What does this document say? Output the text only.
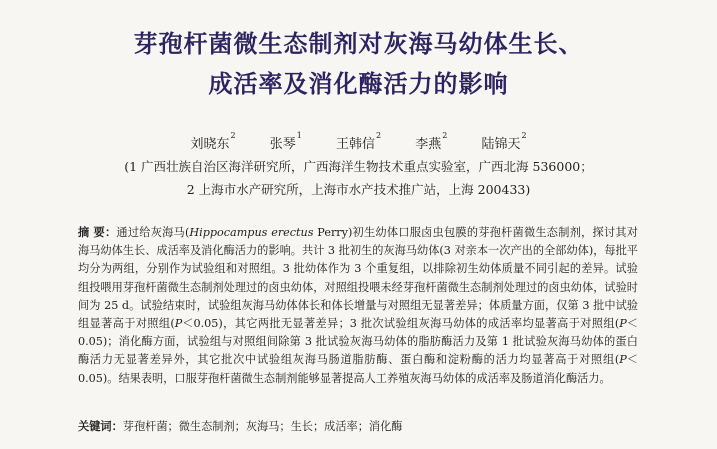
芽孢杆菌微生态制剂对灰海马幼体生长、
成活率及消化酶活力的影响
刘晓东$^2$ 张琴$^1$ 王韩信$^2$ 李燕$^2$ 陆锦天$^2$
(1 广西壮族自治区海洋研究所，广西海洋生物技术重点实验室，广西北海 536000；
2 上海市水产研究所，上海市水产技术推广站，上海 200433)
摘 要：通过给灰海马(Hippocampus erectus Perry)初生幼体口服卤虫包膜的芽孢杆菌微生态制剂，探讨其对海马幼体生长、成活率及消化酶活力的影响。共计 3 批初生的灰海马幼体(3 对亲本一次产出的全部幼体)，每批平均分为两组，分别作为试验组和对照组。3 批幼体作为 3 个重复组，以排除初生幼体质量不同引起的差异。试验组投喂用芽孢杆菌微生态制剂处理过的卤虫幼体，对照组投喂未经芽孢杆菌微生态制剂处理过的卤虫幼体，试验时间为 25 d。试验结束时，试验组灰海马幼体体长和体长增量与对照组无显著差异；体质量方面，仅第 3 批中试验组显著高于对照组(P＜0.05)，其它两批无显著差异；3 批次试验组灰海马幼体的成活率均显著高于对照组(P＜0.05)；消化酶方面，试验组与对照组间除第 3 批试验灰海马幼体的脂肪酶活力及第 1 批试验灰海马幼体的蛋白酶活力无显著差异外，其它批次中试验组灰海马肠道脂肪酶、蛋白酶和淀粉酶的活力均显著高于对照组(P＜0.05)。结果表明，口服芽孢杆菌微生态制剂能够显著提高人工养殖灰海马幼体的成活率及肠道消化酶活力。
关键词：芽孢杆菌；微生态制剂；灰海马；生长；成活率；消化酶
